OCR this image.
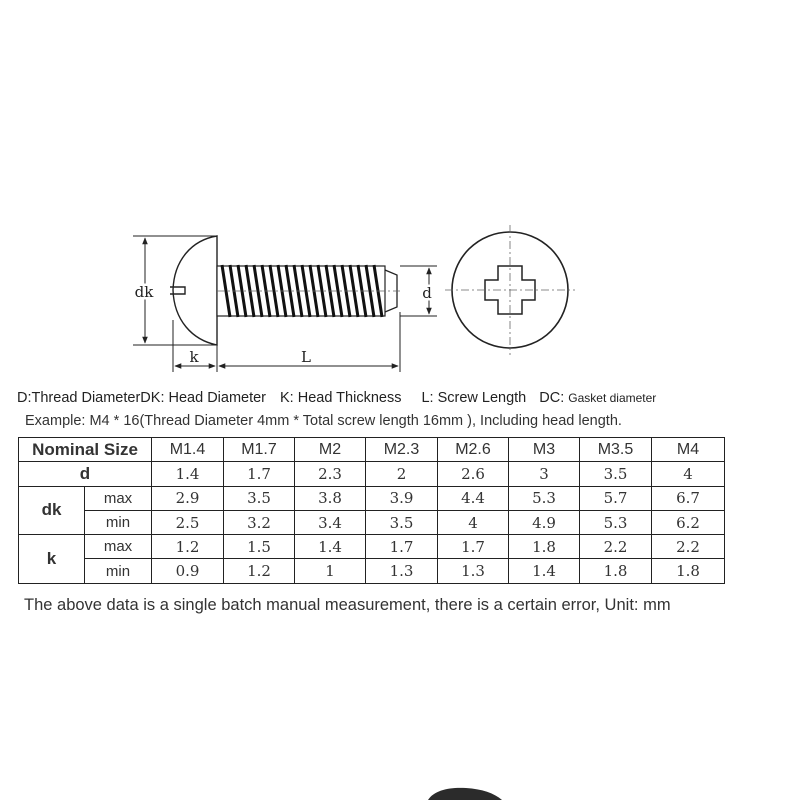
dk	d
k	L
D:Thread DiameterDK: Head Diameter K: Head Thickness L: Screw Length DC: Gasket diameter
Example: M4 * 16(Thread Diameter 4mm * Total screw length 16mm ), Including head length.
Nominal Size		M1.4	M1.7	M2	M2.3	M2.6	M3	M3.5	M4
d		1.4	1.7	2.3	2	2.6	3	3.5	4
dk	max	2.9	3.5	3.8	3.9	4.4	5.3	5.7	6.7
	min	2.5	3.2	3.4	3.5	4	4.9	5.3	6.2
k	max	1.2	1.5	1.4	1.7	1.7	1.8	2.2	2.2
	min	0.9	1.2	1	1.3	1.3	1.4	1.8	1.8
The above data is a single batch manual measurement, there is a certain error, Unit: mm
